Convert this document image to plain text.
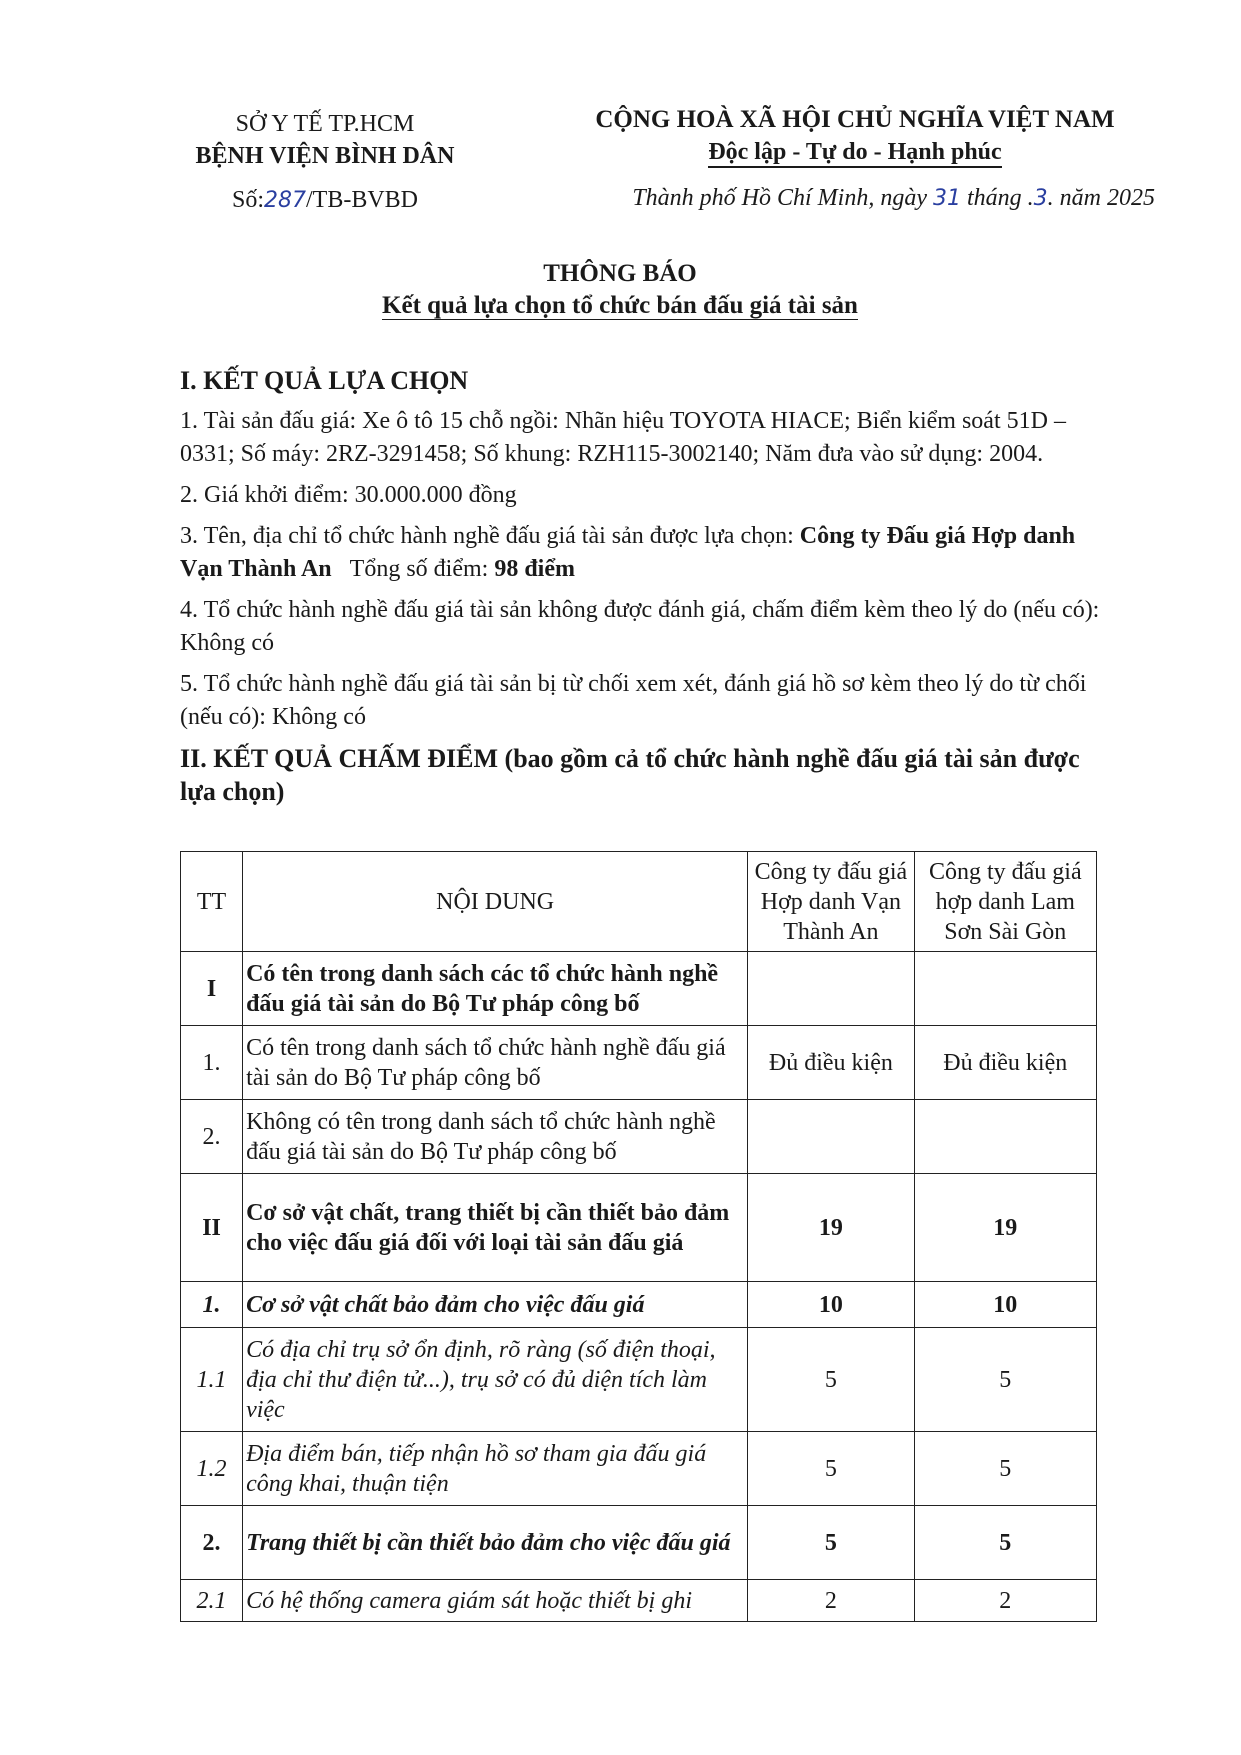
SỞ Y TẾ TP.HCM
BỆNH VIỆN BÌNH DÂN
Số:287/TB-BVBD
CỘNG HOÀ XÃ HỘI CHỦ NGHĨA VIỆT NAM
Độc lập - Tự do - Hạnh phúc
Thành phố Hồ Chí Minh, ngày 31 tháng .3. năm 2025
THÔNG BÁO
Kết quả lựa chọn tổ chức bán đấu giá tài sản
I. KẾT QUẢ LỰA CHỌN
1. Tài sản đấu giá: Xe ô tô 15 chỗ ngồi: Nhãn hiệu TOYOTA HIACE; Biển kiểm soát 51D – 0331; Số máy: 2RZ-3291458; Số khung: RZH115-3002140; Năm đưa vào sử dụng: 2004.
2. Giá khởi điểm: 30.000.000 đồng
3. Tên, địa chỉ tổ chức hành nghề đấu giá tài sản được lựa chọn: Công ty Đấu giá Hợp danh Vạn Thành An Tổng số điểm: 98 điểm
4. Tổ chức hành nghề đấu giá tài sản không được đánh giá, chấm điểm kèm theo lý do (nếu có): Không có
5. Tổ chức hành nghề đấu giá tài sản bị từ chối xem xét, đánh giá hồ sơ kèm theo lý do từ chối (nếu có): Không có
II. KẾT QUẢ CHẤM ĐIỂM (bao gồm cả tổ chức hành nghề đấu giá tài sản được lựa chọn)
TT	NỘI DUNG	Công ty đấu giá Hợp danh Vạn Thành An	Công ty đấu giá hợp danh Lam Sơn Sài Gòn
I	Có tên trong danh sách các tổ chức hành nghề đấu giá tài sản do Bộ Tư pháp công bố		
1.	Có tên trong danh sách tổ chức hành nghề đấu giá tài sản do Bộ Tư pháp công bố	Đủ điều kiện	Đủ điều kiện
2.	Không có tên trong danh sách tổ chức hành nghề đấu giá tài sản do Bộ Tư pháp công bố		
II	Cơ sở vật chất, trang thiết bị cần thiết bảo đảm cho việc đấu giá đối với loại tài sản đấu giá	19	19
1.	Cơ sở vật chất bảo đảm cho việc đấu giá	10	10
1.1	Có địa chỉ trụ sở ổn định, rõ ràng (số điện thoại, địa chỉ thư điện tử...), trụ sở có đủ diện tích làm việc	5	5
1.2	Địa điểm bán, tiếp nhận hồ sơ tham gia đấu giá công khai, thuận tiện	5	5
2.	Trang thiết bị cần thiết bảo đảm cho việc đấu giá	5	5
2.1	Có hệ thống camera giám sát hoặc thiết bị ghi	2	2
